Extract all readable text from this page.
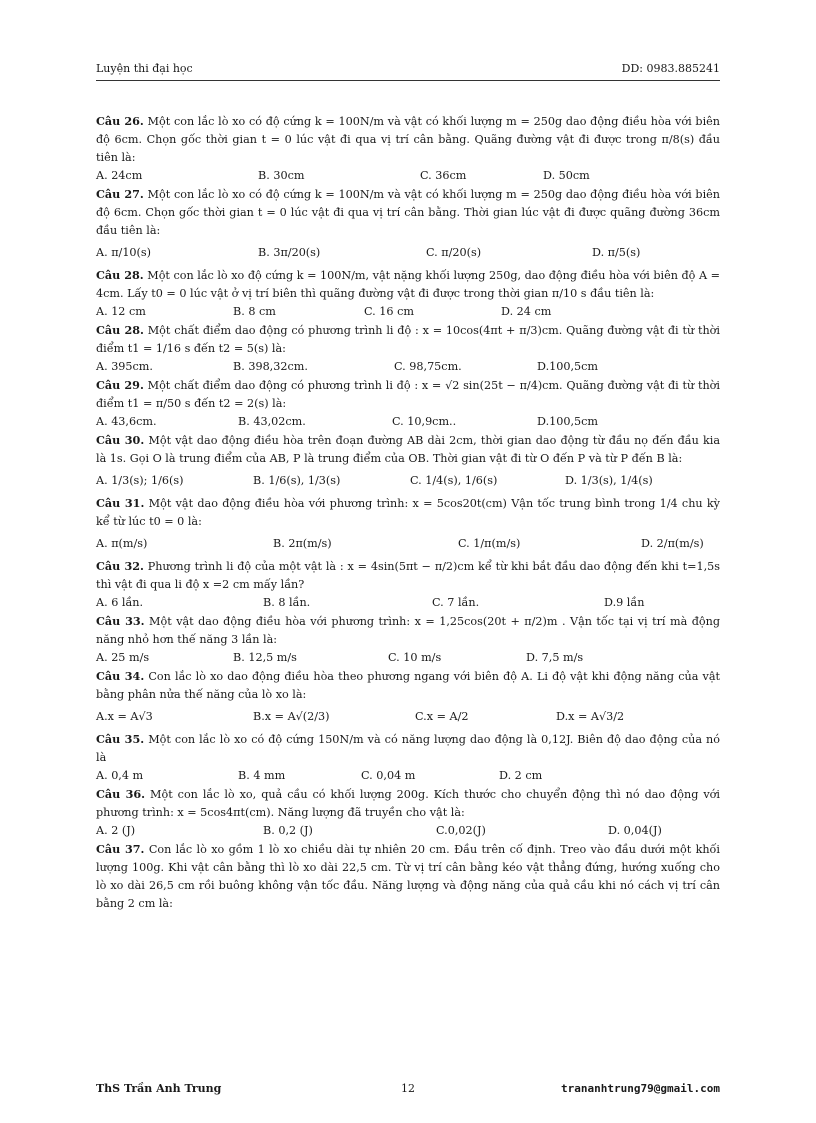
Luyện thi đại học	DD: 0983.885241

Câu 26. Một con lắc lò xo có độ cứng k = 100N/m và vật có khối lượng m = 250g dao động điều hòa với biên độ 6cm. Chọn gốc thời gian t = 0 lúc vật đi qua vị trí cân bằng. Quãng đường vật đi được trong π/8(s) đầu tiên là:

A. 24cm	B. 30cm	C. 36cm	D. 50cm

Câu 27. Một con lắc lò xo có độ cứng k = 100N/m và vật có khối lượng m = 250g dao động điều hòa với biên độ 6cm. Chọn gốc thời gian t = 0 lúc vật đi qua vị trí cân bằng. Thời gian lúc vật đi được quãng đường 36cm đầu tiên là:

A. π/10(s)	B. 3π/20(s)	C. π/20(s)	D. π/5(s)

Câu 28. Một con lắc lò xo độ cứng k = 100N/m, vật nặng khối lượng 250g, dao động điều hòa với biên độ A = 4cm. Lấy t0 = 0 lúc vật ở vị trí biên thì quãng đường vật đi được trong thời gian π/10 s đầu tiên là:

A. 12 cm	B. 8 cm	C. 16 cm	D. 24 cm

Câu 28. Một chất điểm dao động có phương trình li độ : x = 10cos(4πt + π/3)cm. Quãng đường vật đi từ thời điểm t1 = 1/16 s đến t2 = 5(s) là:

A. 395cm.	B. 398,32cm.	C. 98,75cm.	D.100,5cm

Câu 29. Một chất điểm dao động có phương trình li độ : x = √2 sin(25t − π/4)cm. Quãng đường vật đi từ thời điểm t1 = π/50 s đến t2 = 2(s) là:

A. 43,6cm.	B. 43,02cm.	C. 10,9cm..	D.100,5cm

Câu 30. Một vật dao động điều hòa trên đoạn đường AB dài 2cm, thời gian dao động từ đầu nọ đến đầu kia là 1s. Gọi O là trung điểm của AB, P là trung điểm của OB. Thời gian vật đi từ O đến P và từ P đến B là:

A. 1/3(s); 1/6(s)	B. 1/6(s), 1/3(s)	C. 1/4(s), 1/6(s)	D. 1/3(s), 1/4(s)

Câu 31. Một vật dao động điều hòa với phương trình: x = 5cos20t(cm) Vận tốc trung bình trong 1/4 chu kỳ kể từ lúc t0 = 0 là:

A. π(m/s)	B. 2π(m/s)	C. 1/π(m/s)	D. 2/π(m/s)

Câu 32. Phương trình li độ của một vật là : x = 4sin(5πt − π/2)cm kể từ khi bắt đầu dao động đến khi t=1,5s thì vật đi qua li độ x =2 cm mấy lần?

A. 6 lần.	B. 8 lần.	C. 7 lần.	D.9 lần

Câu 33. Một vật dao động điều hòa với phương trình: x = 1,25cos(20t + π/2)m . Vận tốc tại vị trí mà động năng nhỏ hơn thế năng 3 lần là:

A. 25 m/s	B. 12,5 m/s	C. 10 m/s	D. 7,5 m/s

Câu 34. Con lắc lò xo dao động điều hòa theo phương ngang với biên độ A. Li độ vật khi động năng của vật bằng phân nửa thế năng của lò xo là:

A.x = A√3	B.x = A√(2/3)	C.x = A/2	D.x = A√3/2

Câu 35. Một con lắc lò xo có độ cứng 150N/m và có năng lượng dao động là 0,12J. Biên độ dao động của nó là

A. 0,4 m	B. 4 mm	C. 0,04 m	D. 2 cm

Câu 36. Một con lắc lò xo, quả cầu có khối lượng 200g. Kích thước cho chuyển động thì nó dao động với phương trình: x = 5cos4πt(cm). Năng lượng đã truyền cho vật là:

A. 2 (J)	B. 0,2 (J)	C.0,02(J)	D. 0,04(J)

Câu 37. Con lắc lò xo gồm 1 lò xo chiều dài tự nhiên 20 cm. Đầu trên cố định. Treo vào đầu dưới một khối lượng 100g. Khi vật cân bằng thì lò xo dài 22,5 cm. Từ vị trí cân bằng kéo vật thẳng đứng, hướng xuống cho lò xo dài 26,5 cm rồi buông không vận tốc đầu. Năng lượng và động năng của quả cầu khi nó cách vị trí cân bằng 2 cm là:

ThS Trần Anh Trung	12	trananhtrung79@gmail.com
